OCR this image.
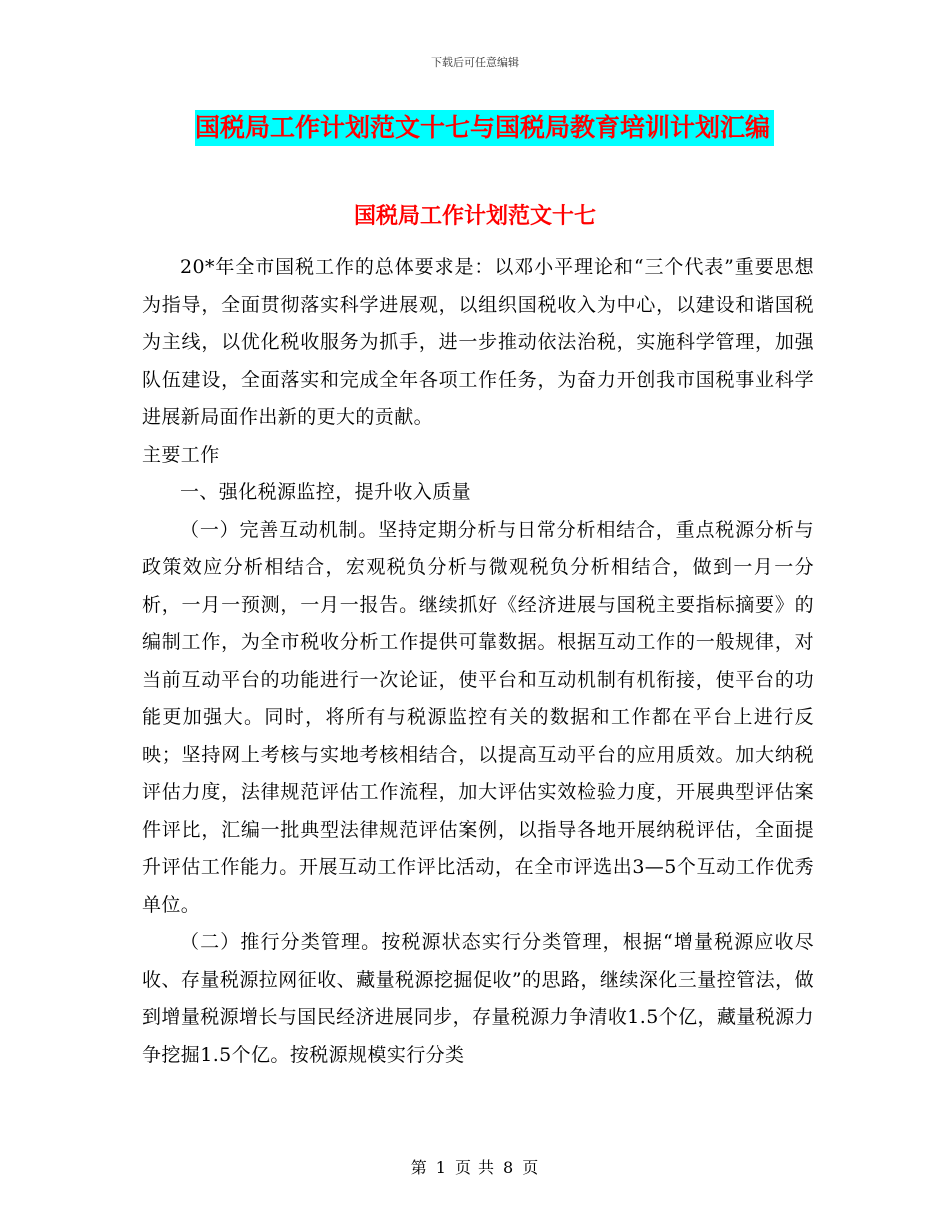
下载后可任意编辑
国税局工作计划范文十七与国税局教育培训计划汇编
国税局工作计划范文十七

20*年全市国税工作的总体要求是：以邓小平理论和“三个代表”重要思想为指导，全面贯彻落实科学进展观，以组织国税收入为中心，以建设和谐国税为主线，以优化税收服务为抓手，进一步推动依法治税，实施科学管理，加强队伍建设，全面落实和完成全年各项工作任务，为奋力开创我市国税事业科学进展新局面作出新的更大的贡献。

主要工作

一、强化税源监控，提升收入质量

（一）完善互动机制。坚持定期分析与日常分析相结合，重点税源分析与政策效应分析相结合，宏观税负分析与微观税负分析相结合，做到一月一分析，一月一预测，一月一报告。继续抓好《经济进展与国税主要指标摘要》的编制工作，为全市税收分析工作提供可靠数据。根据互动工作的一般规律，对当前互动平台的功能进行一次论证，使平台和互动机制有机衔接，使平台的功能更加强大。同时，将所有与税源监控有关的数据和工作都在平台上进行反映；坚持网上考核与实地考核相结合，以提高互动平台的应用质效。加大纳税评估力度，法律规范评估工作流程，加大评估实效检验力度，开展典型评估案件评比，汇编一批典型法律规范评估案例，以指导各地开展纳税评估，全面提升评估工作能力。开展互动工作评比活动，在全市评选出3—5个互动工作优秀单位。

（二）推行分类管理。按税源状态实行分类管理，根据“增量税源应收尽收、存量税源拉网征收、藏量税源挖掘促收”的思路，继续深化三量控管法，做到增量税源增长与国民经济进展同步，存量税源力争清收1.5个亿，藏量税源力争挖掘1.5个亿。按税源规模实行分类

第 1 页 共 8 页
